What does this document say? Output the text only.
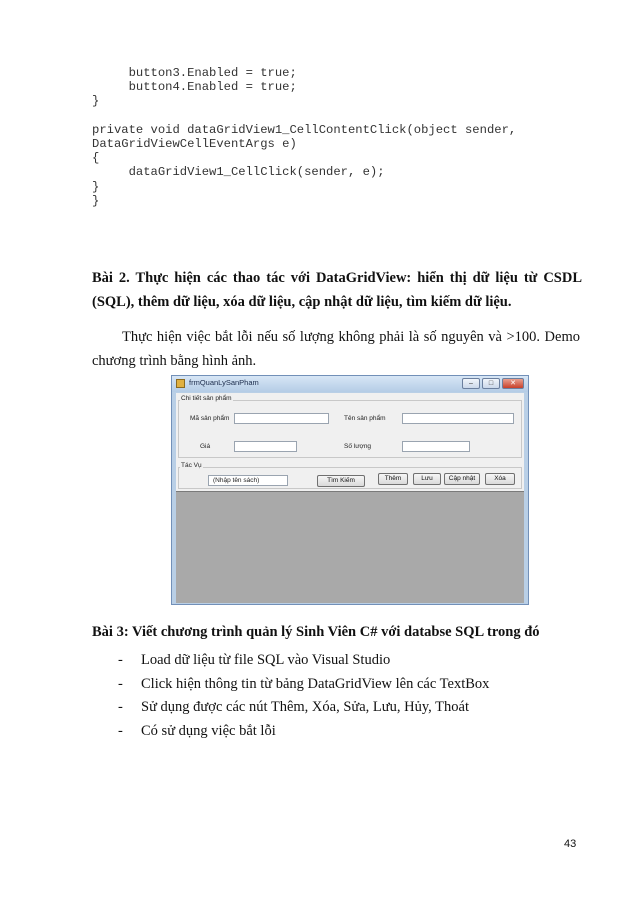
button3.Enabled = true;
button4.Enabled = true;
}
private void dataGridView1_CellContentClick(object sender,
DataGridViewCellEventArgs e)
{
dataGridView1_CellClick(sender, e);
}
}
Bài 2. Thực hiện các thao tác với DataGridView: hiển thị dữ liệu từ CSDL (SQL), thêm dữ liệu, xóa dữ liệu, cập nhật dữ liệu, tìm kiếm dữ liệu.
Thực hiện việc bắt lỗi nếu số lượng không phải là số nguyên và >100. Demo chương trình bằng hình ảnh.
frmQuanLySanPham	–	□	✕
Chi tiết sản phẩm
Mã sản phẩm	Tên sản phẩm
Giá	Số lượng
Tác Vụ
(Nhập tên sách)	Tìm Kiếm	Thêm	Lưu	Cập nhật	Xóa
Bài 3: Viết chương trình quản lý Sinh Viên C# với databse SQL trong đó
-	Load dữ liệu từ file SQL vào Visual Studio
-	Click hiện thông tin từ bảng DataGridView lên các TextBox
-	Sử dụng được các nút Thêm, Xóa, Sửa, Lưu, Hủy, Thoát
-	Có sử dụng việc bắt lỗi
43
